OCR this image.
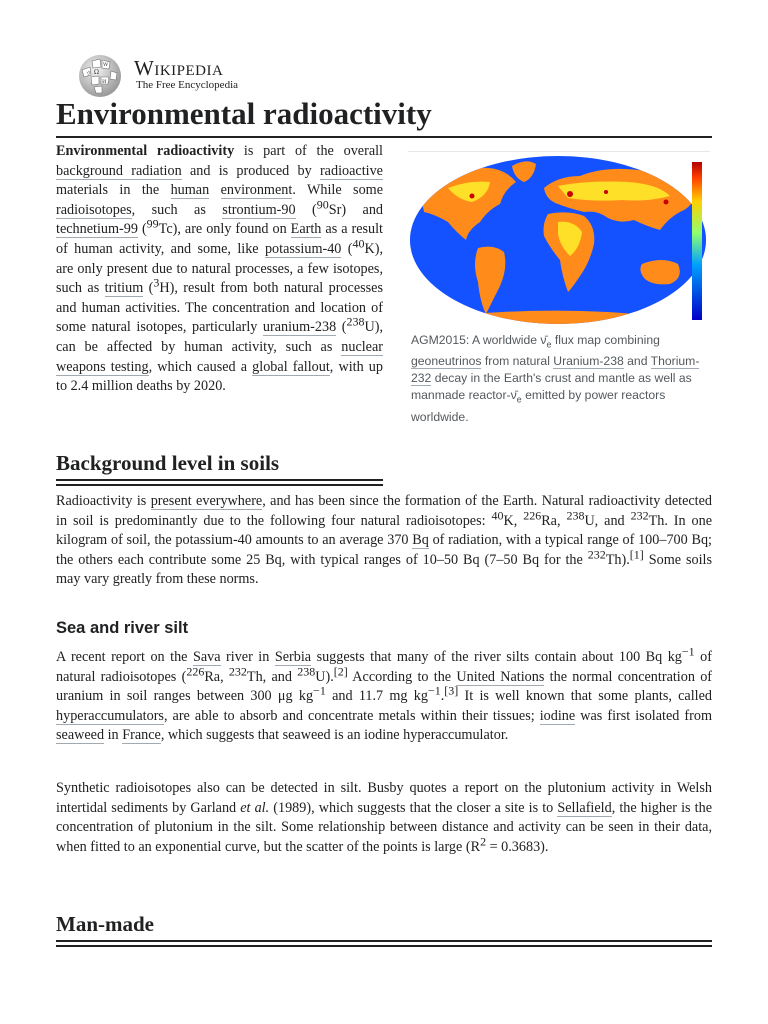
Ω
W
И
ウ Wikipedia
The Free Encyclopedia
Environmental radioactivity

Environmental radioactivity is part of the overall background radiation and is produced by radioactive materials in the human environment. While some radioisotopes, such as strontium-90 ($^{90}$Sr) and technetium-99 ($^{99}$Tc), are only found on Earth as a result of human activity, and some, like potassium-40 ($^{40}$K), are only present due to natural processes, a few isotopes, such as tritium ($^3$H), result from both natural processes and human activities. The concentration and location of some natural isotopes, particularly uranium-238 ($^{238}$U), can be affected by human activity, such as nuclear weapons testing, which caused a global fallout, with up to 2.4 million deaths by 2020.

AGM2015: A worldwide $\nū_e$ flux map combining geoneutrinos from natural Uranium-238 and Thorium-232 decay in the Earth's crust and mantle as well as manmade reactor-$\nū_e$ emitted by power reactors worldwide.

Background level in soils

Radioactivity is present everywhere, and has been since the formation of the Earth. Natural radioactivity detected in soil is predominantly due to the following four natural radioisotopes: $^{40}$K, $^{226}$Ra, $^{238}$U, and $^{232}$Th. In one kilogram of soil, the potassium-40 amounts to an average 370 Bq of radiation, with a typical range of 100–700 Bq; the others each contribute some 25 Bq, with typical ranges of 10–50 Bq (7–50 Bq for the $^{232}$Th).[1] Some soils may vary greatly from these norms.

Sea and river silt

A recent report on the Sava river in Serbia suggests that many of the river silts contain about 100 Bq $kg^{-1}$ of natural radioisotopes ($^{226}$Ra, $^{232}$Th, and $^{238}$U).[2] According to the United Nations the normal concentration of uranium in soil ranges between 300 μg $kg^{-1}$ and 11.7 mg $kg^{-1}.[3]$ It is well known that some plants, called hyperaccumulators, are able to absorb and concentrate metals within their tissues; iodine was first isolated from seaweed in France, which suggests that seaweed is an iodine hyperaccumulator.

Synthetic radioisotopes also can be detected in silt. Busby quotes a report on the plutonium activity in Welsh intertidal sediments by Garland et al. (1989), which suggests that the closer a site is to Sellafield, the higher is the concentration of plutonium in the silt. Some relationship between distance and activity can be seen in their data, when fitted to an exponential curve, but the scatter of the points is large $(R^2 = 0.3683)$.

Man-made
